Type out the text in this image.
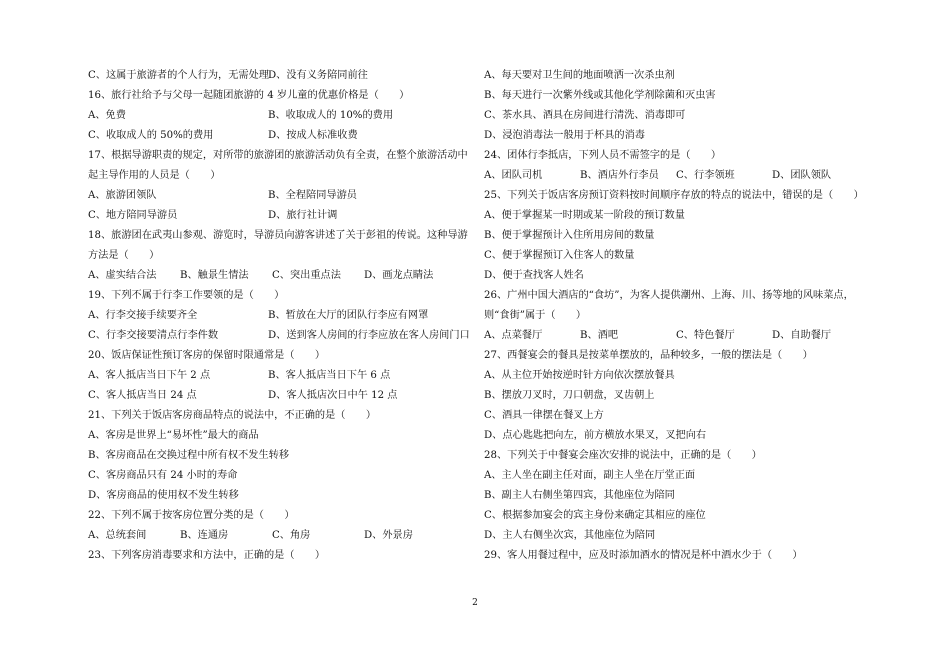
C、这属于旅游者的个人行为，无需处理D、没有义务陪同前往
16、旅行社给予与父母一起随团旅游的 4 岁儿童的优惠价格是（　　）
A、免费	B、收取成人的 10%的费用
C、收取成人的 50%的费用	D、按成人标准收费
17、根据导游职责的规定，对所带的旅游团的旅游活动负有全责，在整个旅游活动中
起主导作用的人员是（　　）
A、旅游团领队	B、全程陪同导游员
C、地方陪同导游员	D、旅行社计调
18、旅游团在武夷山参观、游览时，导游员向游客讲述了关于彭祖的传说。这种导游
方法是（　　）
A、虚实结合法 B、触景生情法 C、突出重点法 D、画龙点睛法
19、下列不属于行李工作要领的是（　　）
A、行李交接手续要齐全	B、暂放在大厅的团队行李应有网罩
C、行李交接要清点行李件数	D、送到客人房间的行李应放在客人房间门口
20、饭店保证性预订客房的保留时限通常是（　　）
A、客人抵店当日下午 2 点	B、客人抵店当日下午 6 点
C、客人抵店当日 24 点	D、客人抵店次日中午 12 点
21、下列关于饭店客房商品特点的说法中，不正确的是（　　）
A、客房是世界上“易坏性”最大的商品
B、客房商品在交换过程中所有权不发生转移
C、客房商品只有 24 小时的寿命
D、客房商品的使用权不发生转移
22、下列不属于按客房位置分类的是（　　）
A、总统套间	B、连通房	C、角房	D、外景房
23、下列客房消毒要求和方法中，正确的是（　　）
A、每天要对卫生间的地面喷洒一次杀虫剂
B、每天进行一次紫外线或其他化学剂除菌和灭虫害
C、茶水具、酒具在房间进行清洗、消毒即可
D、浸泡消毒法一般用于杯具的消毒
24、团体行李抵店，下列人员不需签字的是（　　）
A、团队司机	B、酒店外行李员 C、行李领班	D、团队领队
25、下列关于饭店客房预订资料按时间顺序存放的特点的说法中，错误的是（　　）
A、便于掌握某一时期或某一阶段的预订数量
B、便于掌握预计入住所用房间的数量
C、便于掌握预订入住客人的数量
D、便于查找客人姓名
26、广州中国大酒店的“食坊”，为客人提供潮州、上海、川、扬等地的风味菜点，
则“食街”属于（　　）
A、点菜餐厅	B、酒吧	C、特色餐厅	D、自助餐厅
27、西餐宴会的餐具是按菜单摆放的，品种较多，一般的摆法是（　　）
A、从主位开始按逆时针方向依次摆放餐具
B、摆放刀叉时，刀口朝盘，叉齿朝上
C、酒具一律摆在餐叉上方
D、点心匙匙把向左，前方横放水果叉，叉把向右
28、下列关于中餐宴会座次安排的说法中，正确的是（　　）
A、主人坐在副主任对面，副主人坐在厅堂正面
B、副主人右侧坐第四宾，其他座位为陪同
C、根据参加宴会的宾主身份来确定其相应的座位
D、主人右侧坐次宾，其他座位为陪同
29、客人用餐过程中，应及时添加酒水的情况是杯中酒水少于（　　）
2
